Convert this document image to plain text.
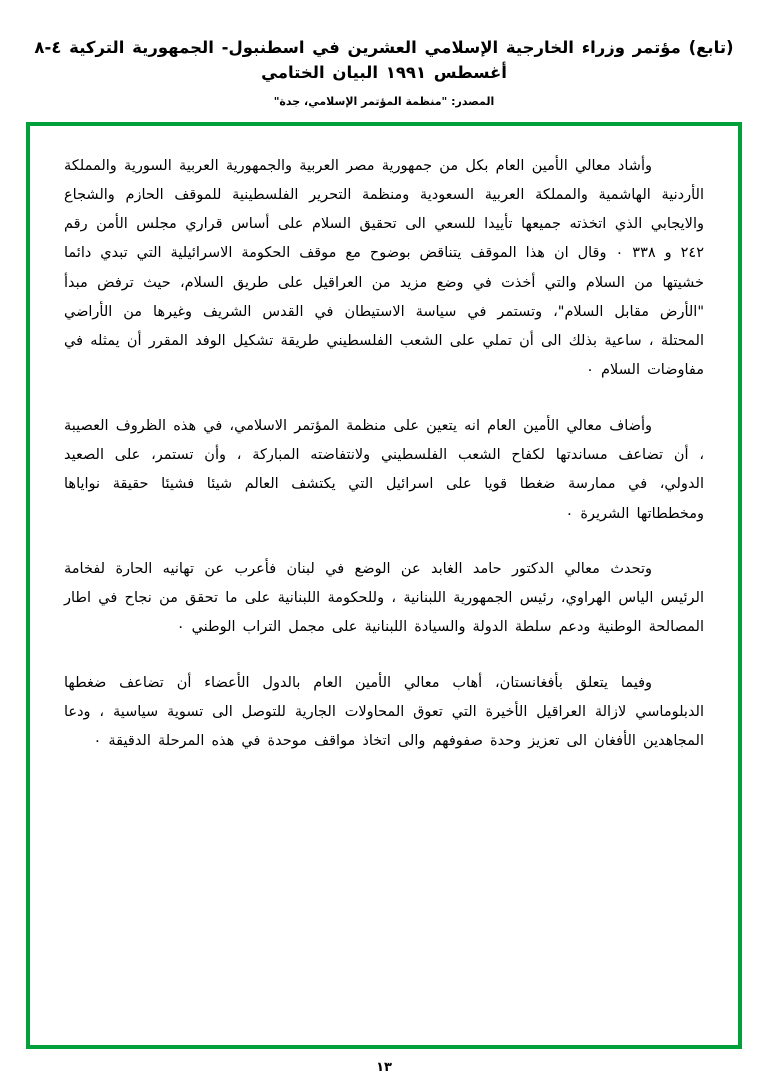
(تابع) مؤتمر وزراء الخارجية الإسلامي العشرين في اسطنبول- الجمهورية التركية ٤-٨ أغسطس ١٩٩١ البيان الختامي
المصدر: "منظمة المؤتمر الإسلامي، جدة"

وأشاد معالي الأمين العام بكل من جمهورية مصر العربية والجمهورية العربية السورية والمملكة الأردنية الهاشمية والمملكة العربية السعودية ومنظمة التحرير الفلسطينية للموقف الحازم والشجاع والايجابي الذي اتخذته جميعها تأييدا للسعي الى تحقيق السلام على أساس قراري مجلس الأمن رقم ٢٤٢ و ٣٣٨ ٠ وقال ان هذا الموقف يتناقض بوضوح مع موقف الحكومة الاسرائيلية التي تبدي دائما خشيتها من السلام والتي أخذت في وضع مزيد من العراقيل على طريق السلام، حيث ترفض مبدأ "الأرض مقابل السلام"، وتستمر في سياسة الاستيطان في القدس الشريف وغيرها من الأراضي المحتلة ، ساعية بذلك الى أن تملي على الشعب الفلسطيني طريقة تشكيل الوفد المقرر أن يمثله في مفاوضات السلام ٠

وأضاف معالي الأمين العام انه يتعين على منظمة المؤتمر الاسلامي، في هذه الظروف العصيبة ، أن تضاعف مساندتها لكفاح الشعب الفلسطيني ولانتفاضته المباركة ، وأن تستمر، على الصعيد الدولي، في ممارسة ضغطا قويا على اسرائيل التي يكتشف العالم شيئا فشيئا حقيقة نواياها ومخططاتها الشريرة ٠

وتحدث معالي الدكتور حامد الغابد عن الوضع في لبنان فأعرب عن تهانيه الحارة لفخامة الرئيس الياس الهراوي، رئيس الجمهورية اللبنانية ، وللحكومة اللبنانية على ما تحقق من نجاح في اطار المصالحة الوطنية ودعم سلطة الدولة والسيادة اللبنانية على مجمل التراب الوطني ٠

وفيما يتعلق بأفغانستان، أهاب معالي الأمين العام بالدول الأعضاء أن تضاعف ضغطها الدبلوماسي لازالة العراقيل الأخيرة التي تعوق المحاولات الجارية للتوصل الى تسوية سياسية ، ودعا المجاهدين الأفغان الى تعزيز وحدة صفوفهم والى اتخاذ مواقف موحدة في هذه المرحلة الدقيقة ٠

١٣
